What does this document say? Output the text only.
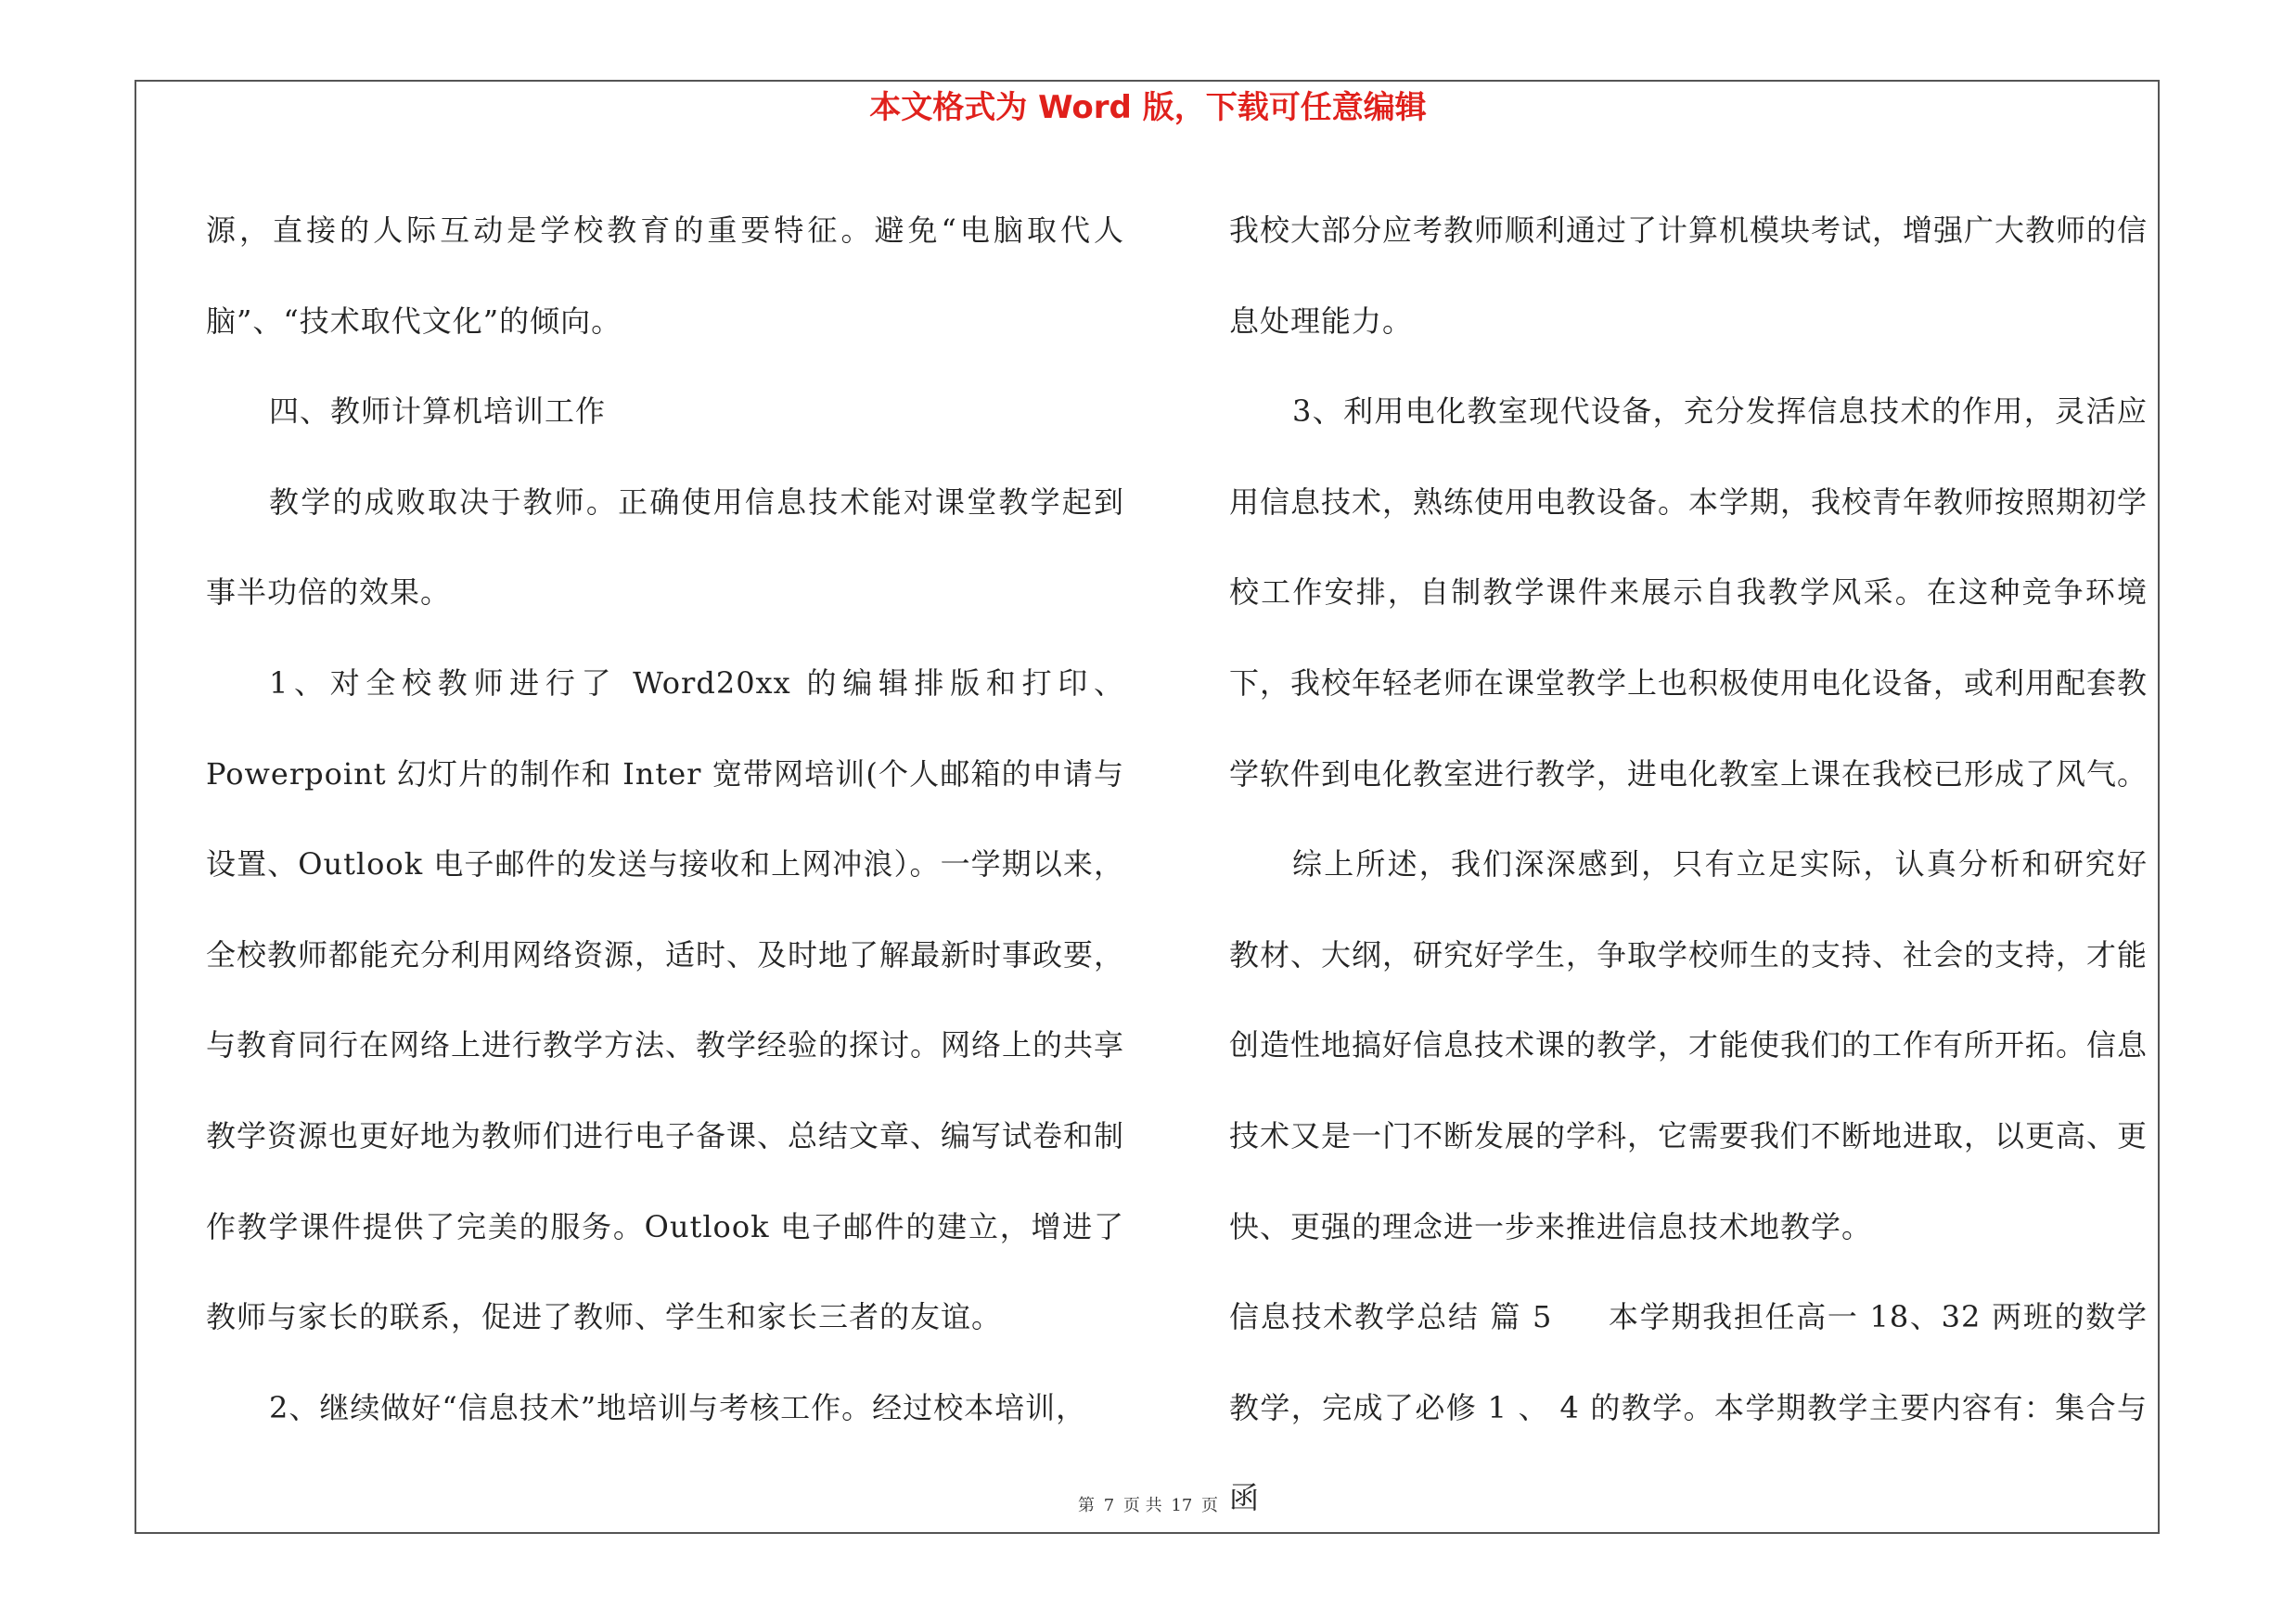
本文格式为 Word 版，下载可任意编辑

源，直接的人际互动是学校教育的重要特征。避免“电脑取代人脑”、“技术取代文化”的倾向。

四、教师计算机培训工作

教学的成败取决于教师。正确使用信息技术能对课堂教学起到事半功倍的效果。

1、对全校教师进行了 Word20xx 的编辑排版和打印、Powerpoint 幻灯片的制作和 Inter 宽带网培训(个人邮箱的申请与设置、Outlook 电子邮件的发送与接收和上网冲浪）。一学期以来，全校教师都能充分利用网络资源，适时、及时地了解最新时事政要，与教育同行在网络上进行教学方法、教学经验的探讨。网络上的共享教学资源也更好地为教师们进行电子备课、总结文章、编写试卷和制作教学课件提供了完美的服务。Outlook 电子邮件的建立，增进了教师与家长的联系，促进了教师、学生和家长三者的友谊。

2、继续做好“信息技术”地培训与考核工作。经过校本培训，

我校大部分应考教师顺利通过了计算机模块考试，增强广大教师的信息处理能力。

3、利用电化教室现代设备，充分发挥信息技术的作用，灵活应用信息技术，熟练使用电教设备。本学期，我校青年教师按照期初学校工作安排，自制教学课件来展示自我教学风采。在这种竞争环境下，我校年轻老师在课堂教学上也积极使用电化设备，或利用配套教学软件到电化教室进行教学，进电化教室上课在我校已形成了风气。

综上所述，我们深深感到，只有立足实际，认真分析和研究好教材、大纲，研究好学生，争取学校师生的支持、社会的支持，才能创造性地搞好信息技术课的教学，才能使我们的工作有所开拓。信息技术又是一门不断发展的学科，它需要我们不断地进取，以更高、更快、更强的理念进一步来推进信息技术地教学。

信息技术教学总结 篇 5 本学期我担任高一 18、32 两班的数学教学，完成了必修 1 、 4 的教学。本学期教学主要内容有：集合与函

第 7 页 共 17 页
